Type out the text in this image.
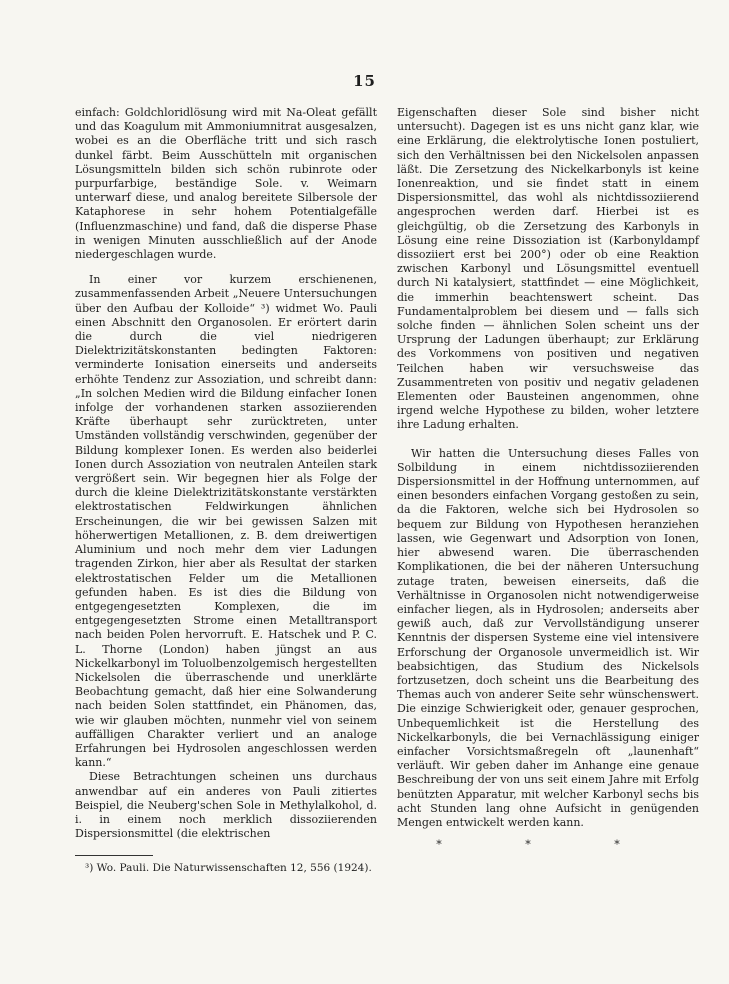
15

einfach: Goldchloridlösung wird mit Na-Oleat gefällt und das Koagulum mit Ammoniumnitrat ausgesalzen, wobei es an die Oberfläche tritt und sich rasch dunkel färbt. Beim Ausschütteln mit organischen Lösungsmitteln bilden sich schön rubinrote oder purpurfarbige, beständige Sole. v. Weimarn unterwarf diese, und analog bereitete Silbersole der Kataphorese in sehr hohem Potentialgefälle (Influenzmaschine) und fand, daß die disperse Phase in wenigen Minuten ausschließlich auf der Anode niedergeschlagen wurde.

In einer vor kurzem erschienenen, zusammenfassenden Arbeit „Neuere Untersuchungen über den Aufbau der Kolloide“ ³) widmet Wo. Pauli einen Abschnitt den Organosolen. Er erörtert darin die durch die viel niedrigeren Dielektrizitätskonstanten bedingten Faktoren: verminderte Ionisation einerseits und anderseits erhöhte Tendenz zur Assoziation, und schreibt dann: „In solchen Medien wird die Bildung einfacher Ionen infolge der vorhandenen starken assoziierenden Kräfte überhaupt sehr zurücktreten, unter Umständen vollständig verschwinden, gegenüber der Bildung komplexer Ionen. Es werden also beiderlei Ionen durch Assoziation von neutralen Anteilen stark vergrößert sein. Wir begegnen hier als Folge der durch die kleine Dielektrizitätskonstante verstärkten elektrostatischen Feldwirkungen ähnlichen Erscheinungen, die wir bei gewissen Salzen mit höherwertigen Metallionen, z. B. dem dreiwertigen Aluminium und noch mehr dem vier Ladungen tragenden Zirkon, hier aber als Resultat der starken elektrostatischen Felder um die Metallionen gefunden haben. Es ist dies die Bildung von entgegengesetzten Komplexen, die im entgegengesetzten Strome einen Metalltransport nach beiden Polen hervorruft. E. Hatschek und P. C. L. Thorne (London) haben jüngst an aus Nickelkarbonyl im Toluolbenzolgemisch hergestellten Nickelsolen die überraschende und unerklärte Beobachtung gemacht, daß hier eine Solwanderung nach beiden Solen stattfindet, ein Phänomen, das, wie wir glauben möchten, nunmehr viel von seinem auffälligen Charakter verliert und an analoge Erfahrungen bei Hydrosolen angeschlossen werden kann.“

Diese Betrachtungen scheinen uns durchaus anwendbar auf ein anderes von Pauli zitiertes Beispiel, die Neuberg'schen Sole in Methylalkohol, d. i. in einem noch merklich dissoziierenden Dispersionsmittel (die elektrischen

³) Wo. Pauli. Die Naturwissenschaften 12, 556 (1924).

Eigenschaften dieser Sole sind bisher nicht untersucht). Dagegen ist es uns nicht ganz klar, wie eine Erklärung, die elektrolytische Ionen postuliert, sich den Verhältnissen bei den Nickelsolen anpassen läßt. Die Zersetzung des Nickelkarbonyls ist keine Ionenreaktion, und sie findet statt in einem Dispersionsmittel, das wohl als nichtdissoziierend angesprochen werden darf. Hierbei ist es gleichgültig, ob die Zersetzung des Karbonyls in Lösung eine reine Dissoziation ist (Karbonyldampf dissoziiert erst bei 200°) oder ob eine Reaktion zwischen Karbonyl und Lösungsmittel eventuell durch Ni katalysiert, stattfindet — eine Möglichkeit, die immerhin beachtenswert scheint. Das Fundamentalproblem bei diesem und — falls sich solche finden — ähnlichen Solen scheint uns der Ursprung der Ladungen überhaupt; zur Erklärung des Vorkommens von positiven und negativen Teilchen haben wir versuchsweise das Zusammentreten von positiv und negativ geladenen Elementen oder Bausteinen angenommen, ohne irgend welche Hypothese zu bilden, woher letztere ihre Ladung erhalten.

Wir hatten die Untersuchung dieses Falles von Solbildung in einem nichtdissoziierenden Dispersionsmittel in der Hoffnung unternommen, auf einen besonders einfachen Vorgang gestoßen zu sein, da die Faktoren, welche sich bei Hydrosolen so bequem zur Bildung von Hypothesen heranziehen lassen, wie Gegenwart und Adsorption von Ionen, hier abwesend waren. Die überraschenden Komplikationen, die bei der näheren Untersuchung zutage traten, beweisen einerseits, daß die Verhältnisse in Organosolen nicht notwendigerweise einfacher liegen, als in Hydrosolen; anderseits aber gewiß auch, daß zur Vervollständigung unserer Kenntnis der dispersen Systeme eine viel intensivere Erforschung der Organosole unvermeidlich ist. Wir beabsichtigen, das Studium des Nickelsols fortzusetzen, doch scheint uns die Bearbeitung des Themas auch von anderer Seite sehr wünschenswert. Die einzige Schwierigkeit oder, genauer gesprochen, Unbequemlichkeit ist die Herstellung des Nickelkarbonyls, die bei Vernachlässigung einiger einfacher Vorsichtsmaßregeln oft „launenhaft“ verläuft. Wir geben daher im Anhange eine genaue Beschreibung der von uns seit einem Jahre mit Erfolg benützten Apparatur, mit welcher Karbonyl sechs bis acht Stunden lang ohne Aufsicht in genügenden Mengen entwickelt werden kann.

* * *
